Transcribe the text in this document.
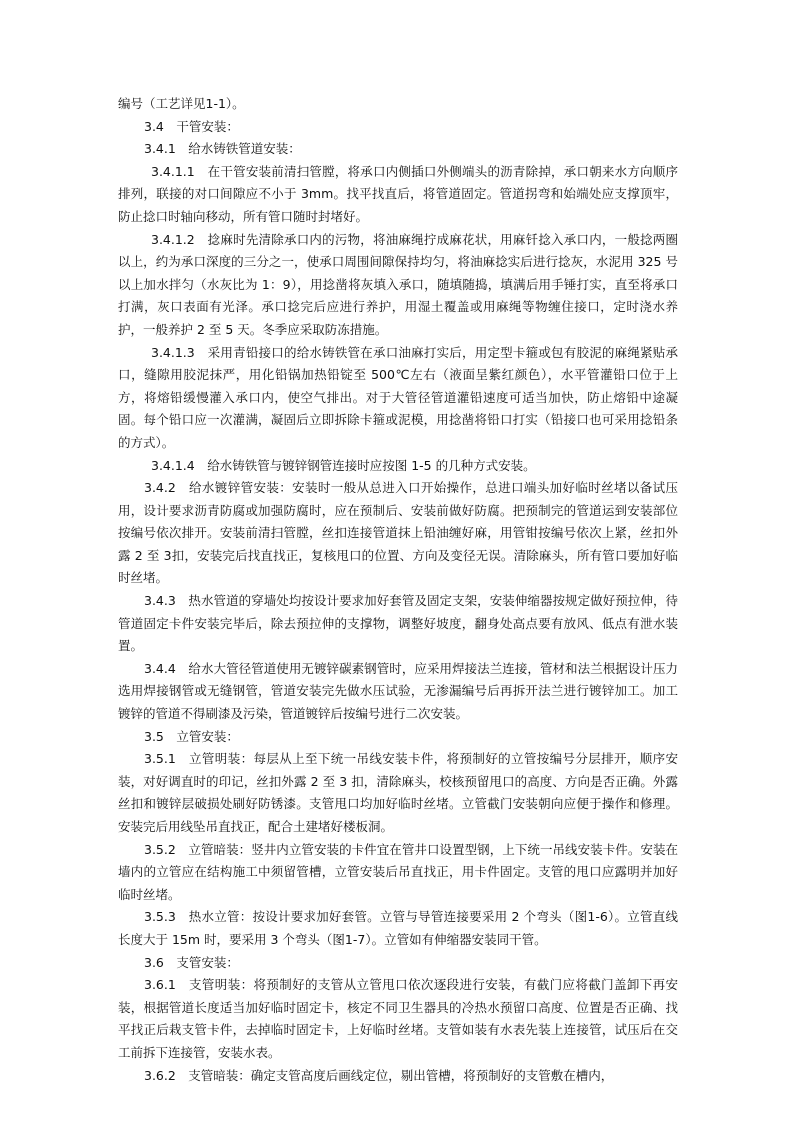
编号（工艺详见1-1）。

3.4　干管安装：

3.4.1　给水铸铁管道安装：

3.4.1.1　在干管安装前清扫管膛，将承口内侧插口外侧端头的沥青除掉，承口朝来水方向顺序排列，联接的对口间隙应不小于 3mm。找平找直后，将管道固定。管道拐弯和始端处应支撑顶牢，防止捻口时轴向移动，所有管口随时封堵好。

3.4.1.2　捻麻时先清除承口内的污物，将油麻绳拧成麻花状，用麻钎捻入承口内，一般捻两圈以上，约为承口深度的三分之一，使承口周围间隙保持均匀，将油麻捻实后进行捻灰，水泥用 325 号以上加水拌匀（水灰比为 1：9），用捻凿将灰填入承口，随填随捣，填满后用手锤打实，直至将承口打满，灰口表面有光泽。承口捻完后应进行养护，用湿土覆盖或用麻绳等物缠住接口，定时浇水养护，一般养护 2 至 5 天。冬季应采取防冻措施。

3.4.1.3　采用青铅接口的给水铸铁管在承口油麻打实后，用定型卡箍或包有胶泥的麻绳紧贴承口，缝隙用胶泥抹严，用化铅锅加热铅锭至 500℃左右（液面呈紫红颜色），水平管灌铅口位于上方，将熔铅缓慢灌入承口内，使空气排出。对于大管径管道灌铅速度可适当加快，防止熔铅中途凝固。每个铅口应一次灌满，凝固后立即拆除卡箍或泥模，用捻凿将铅口打实（铅接口也可采用捻铅条的方式）。

3.4.1.4　给水铸铁管与镀锌钢管连接时应按图 1-5 的几种方式安装。

3.4.2　给水镀锌管安装：安装时一般从总进入口开始操作，总进口端头加好临时丝堵以备试压用，设计要求沥青防腐或加强防腐时，应在预制后、安装前做好防腐。把预制完的管道运到安装部位按编号依次排开。安装前清扫管膛，丝扣连接管道抹上铅油缠好麻，用管钳按编号依次上紧，丝扣外露 2 至 3扣，安装完后找直找正，复核甩口的位置、方向及变径无误。清除麻头，所有管口要加好临时丝堵。

3.4.3　热水管道的穿墙处均按设计要求加好套管及固定支架，安装伸缩器按规定做好预拉伸，待管道固定卡件安装完毕后，除去预拉伸的支撑物，调整好坡度，翻身处高点要有放风、低点有泄水装置。

3.4.4　给水大管径管道使用无镀锌碳素钢管时，应采用焊接法兰连接，管材和法兰根据设计压力选用焊接钢管或无缝钢管，管道安装完先做水压试验，无渗漏编号后再拆开法兰进行镀锌加工。加工镀锌的管道不得刷漆及污染，管道镀锌后按编号进行二次安装。

3.5　立管安装：

3.5.1　立管明装：每层从上至下统一吊线安装卡件，将预制好的立管按编号分层排开，顺序安装，对好调直时的印记，丝扣外露 2 至 3 扣，清除麻头，校核预留甩口的高度、方向是否正确。外露丝扣和镀锌层破损处刷好防锈漆。支管甩口均加好临时丝堵。立管截门安装朝向应便于操作和修理。安装完后用线坠吊直找正，配合土建堵好楼板洞。

3.5.2　立管暗装：竖井内立管安装的卡件宜在管井口设置型钢，上下统一吊线安装卡件。安装在墙内的立管应在结构施工中须留管槽，立管安装后吊直找正，用卡件固定。支管的甩口应露明并加好临时丝堵。

3.5.3　热水立管：按设计要求加好套管。立管与导管连接要采用 2 个弯头（图1-6）。立管直线长度大于 15m 时，要采用 3 个弯头（图1-7）。立管如有伸缩器安装同干管。

3.6　支管安装：

3.6.1　支管明装：将预制好的支管从立管甩口依次逐段进行安装，有截门应将截门盖卸下再安装，根据管道长度适当加好临时固定卡，核定不同卫生器具的冷热水预留口高度、位置是否正确、找平找正后栽支管卡件，去掉临时固定卡，上好临时丝堵。支管如装有水表先装上连接管，试压后在交工前拆下连接管，安装水表。

3.6.2　支管暗装：确定支管高度后画线定位，剔出管槽，将预制好的支管敷在槽内，
